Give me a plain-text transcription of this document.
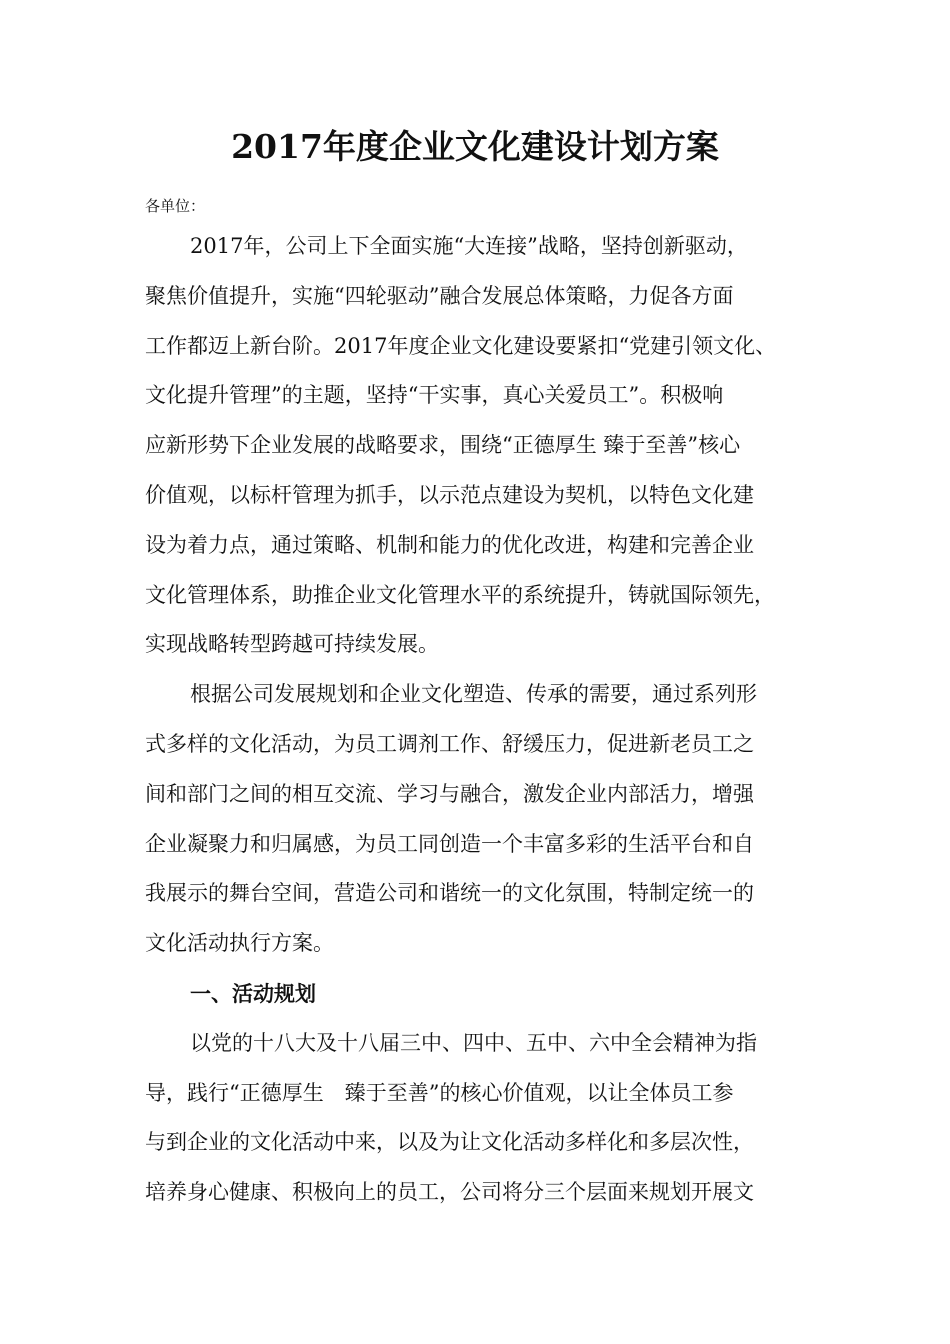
2017年度企业文化建设计划方案

各单位：

2017年，公司上下全面实施“大连接”战略，坚持创新驱动，
聚焦价值提升，实施“四轮驱动”融合发展总体策略，力促各方面
工作都迈上新台阶。2017年度企业文化建设要紧扣“党建引领文化、
文化提升管理”的主题，坚持“干实事，真心关爱员工”。积极响
应新形势下企业发展的战略要求，围绕“正德厚生 臻于至善”核心
价值观，以标杆管理为抓手，以示范点建设为契机，以特色文化建
设为着力点，通过策略、机制和能力的优化改进，构建和完善企业
文化管理体系，助推企业文化管理水平的系统提升，铸就国际领先，
实现战略转型跨越可持续发展。

根据公司发展规划和企业文化塑造、传承的需要，通过系列形
式多样的文化活动，为员工调剂工作、舒缓压力，促进新老员工之
间和部门之间的相互交流、学习与融合，激发企业内部活力，增强
企业凝聚力和归属感，为员工同创造一个丰富多彩的生活平台和自
我展示的舞台空间，营造公司和谐统一的文化氛围，特制定统一的
文化活动执行方案。

一、活动规划

以党的十八大及十八届三中、四中、五中、六中全会精神为指
导，践行“正德厚生　臻于至善”的核心价值观，以让全体员工参
与到企业的文化活动中来，以及为让文化活动多样化和多层次性，
培养身心健康、积极向上的员工，公司将分三个层面来规划开展文
